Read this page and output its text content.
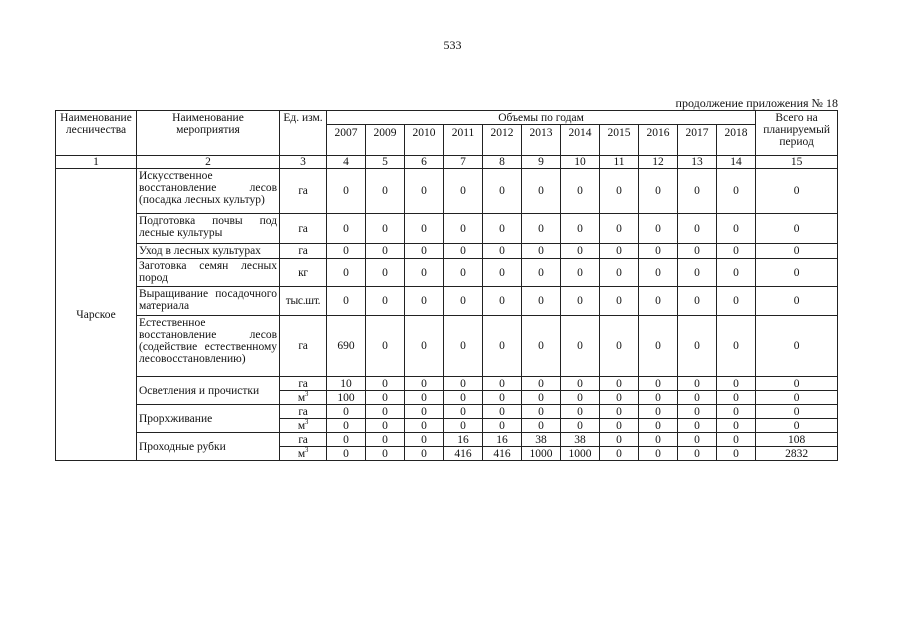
533
продолжение приложения № 18
Наименование лесничества	Наименование мероприятия	Ед. изм.	Объемы по годам											Всего на планируемый период
			2007	2009	2010	2011	2012	2013	2014	2015	2016	2017	2018	
1	2	3	4	5	6	7	8	9	10	11	12	13	14	15
Чарское	Искусственное восстановление лесов (посадка лесных культур)	га	0	0	0	0	0	0	0	0	0	0	0	0
	Подготовка почвы под лесные культуры	га	0	0	0	0	0	0	0	0	0	0	0	0
	Уход в лесных культурах	га	0	0	0	0	0	0	0	0	0	0	0	0
	Заготовка семян лесных пород	кг	0	0	0	0	0	0	0	0	0	0	0	0
	Выращивание посадочного материала	тыс.шт.	0	0	0	0	0	0	0	0	0	0	0	0
	Естественное восстановление лесов (содействие естественному лесовосстановлению)	га	690	0	0	0	0	0	0	0	0	0	0	0
	Осветления и прочистки	га	10	0	0	0	0	0	0	0	0	0	0	0
		$м^3$	100	0	0	0	0	0	0	0	0	0	0	0
	Прорхживание	га	0	0	0	0	0	0	0	0	0	0	0	0
		$м^3$	0	0	0	0	0	0	0	0	0	0	0	0
	Проходные рубки	га	0	0	0	16	16	38	38	0	0	0	0	108
		$м^3$	0	0	0	416	416	1000	1000	0	0	0	0	2832
